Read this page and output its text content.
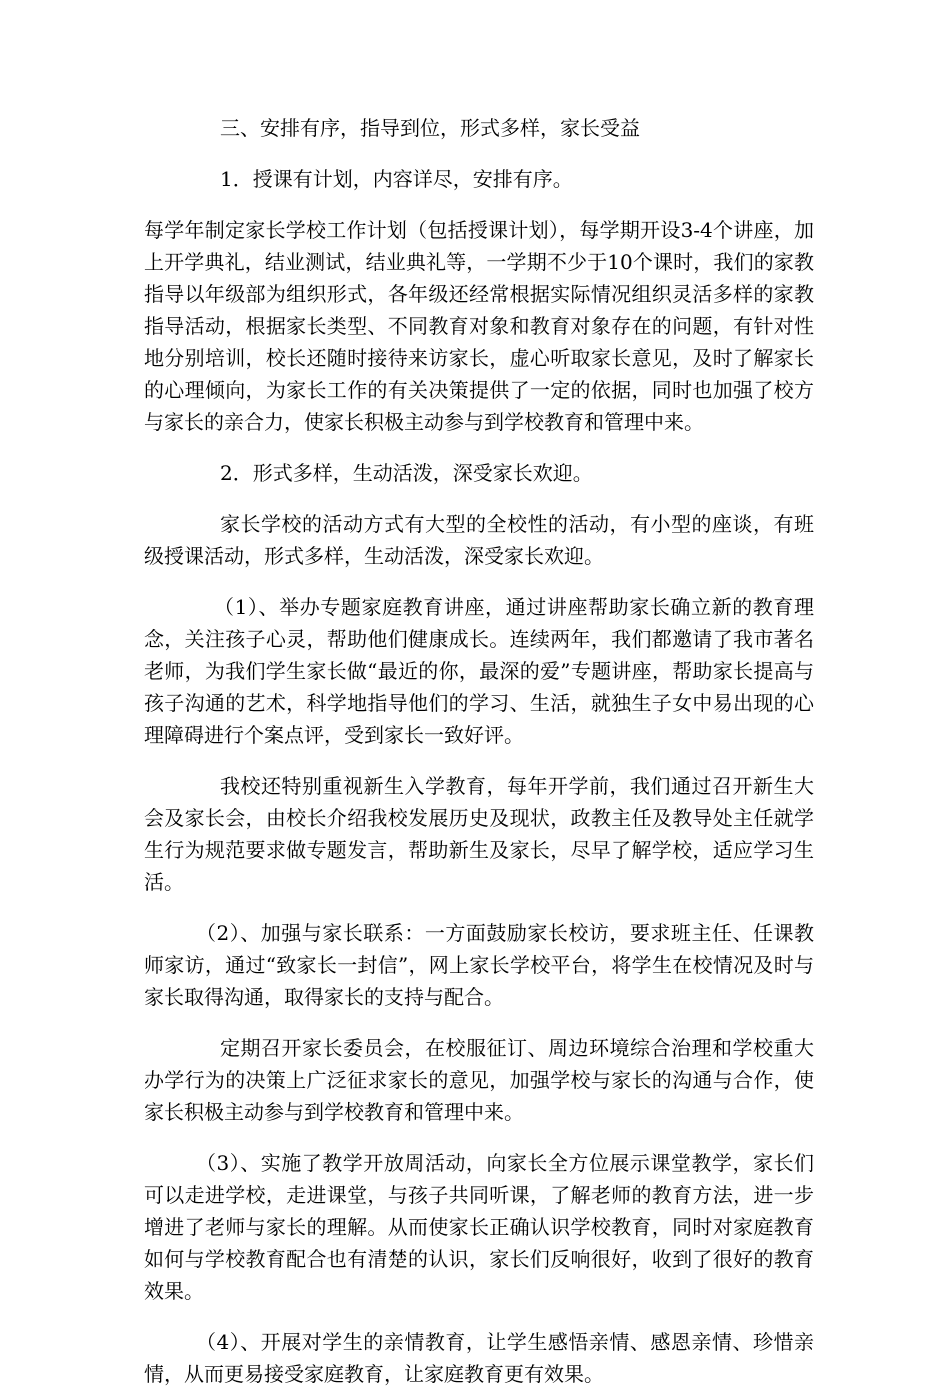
三、安排有序，指导到位，形式多样，家长受益

1．授课有计划，内容详尽，安排有序。

每学年制定家长学校工作计划（包括授课计划），每学期开设3-4个讲座，加上开学典礼，结业测试，结业典礼等，一学期不少于10个课时，我们的家教指导以年级部为组织形式，各年级还经常根据实际情况组织灵活多样的家教指导活动，根据家长类型、不同教育对象和教育对象存在的问题，有针对性地分别培训，校长还随时接待来访家长，虚心听取家长意见，及时了解家长的心理倾向，为家长工作的有关决策提供了一定的依据，同时也加强了校方与家长的亲合力，使家长积极主动参与到学校教育和管理中来。

2．形式多样，生动活泼，深受家长欢迎。

家长学校的活动方式有大型的全校性的活动，有小型的座谈，有班级授课活动，形式多样，生动活泼，深受家长欢迎。

（1）、举办专题家庭教育讲座，通过讲座帮助家长确立新的教育理念，关注孩子心灵，帮助他们健康成长。连续两年，我们都邀请了我市著名老师，为我们学生家长做“最近的你，最深的爱”专题讲座，帮助家长提高与孩子沟通的艺术，科学地指导他们的学习、生活，就独生子女中易出现的心理障碍进行个案点评，受到家长一致好评。

我校还特别重视新生入学教育，每年开学前，我们通过召开新生大会及家长会，由校长介绍我校发展历史及现状，政教主任及教导处主任就学生行为规范要求做专题发言，帮助新生及家长，尽早了解学校，适应学习生活。

（2）、加强与家长联系：一方面鼓励家长校访，要求班主任、任课教师家访，通过“致家长一封信”，网上家长学校平台，将学生在校情况及时与家长取得沟通，取得家长的支持与配合。

定期召开家长委员会，在校服征订、周边环境综合治理和学校重大办学行为的决策上广泛征求家长的意见，加强学校与家长的沟通与合作，使家长积极主动参与到学校教育和管理中来。

（3）、实施了教学开放周活动，向家长全方位展示课堂教学，家长们可以走进学校，走进课堂，与孩子共同听课，了解老师的教育方法，进一步增进了老师与家长的理解。从而使家长正确认识学校教育，同时对家庭教育如何与学校教育配合也有清楚的认识，家长们反响很好，收到了很好的教育效果。

（4）、开展对学生的亲情教育，让学生感悟亲情、感恩亲情、珍惜亲情，从而更易接受家庭教育，让家庭教育更有效果。
